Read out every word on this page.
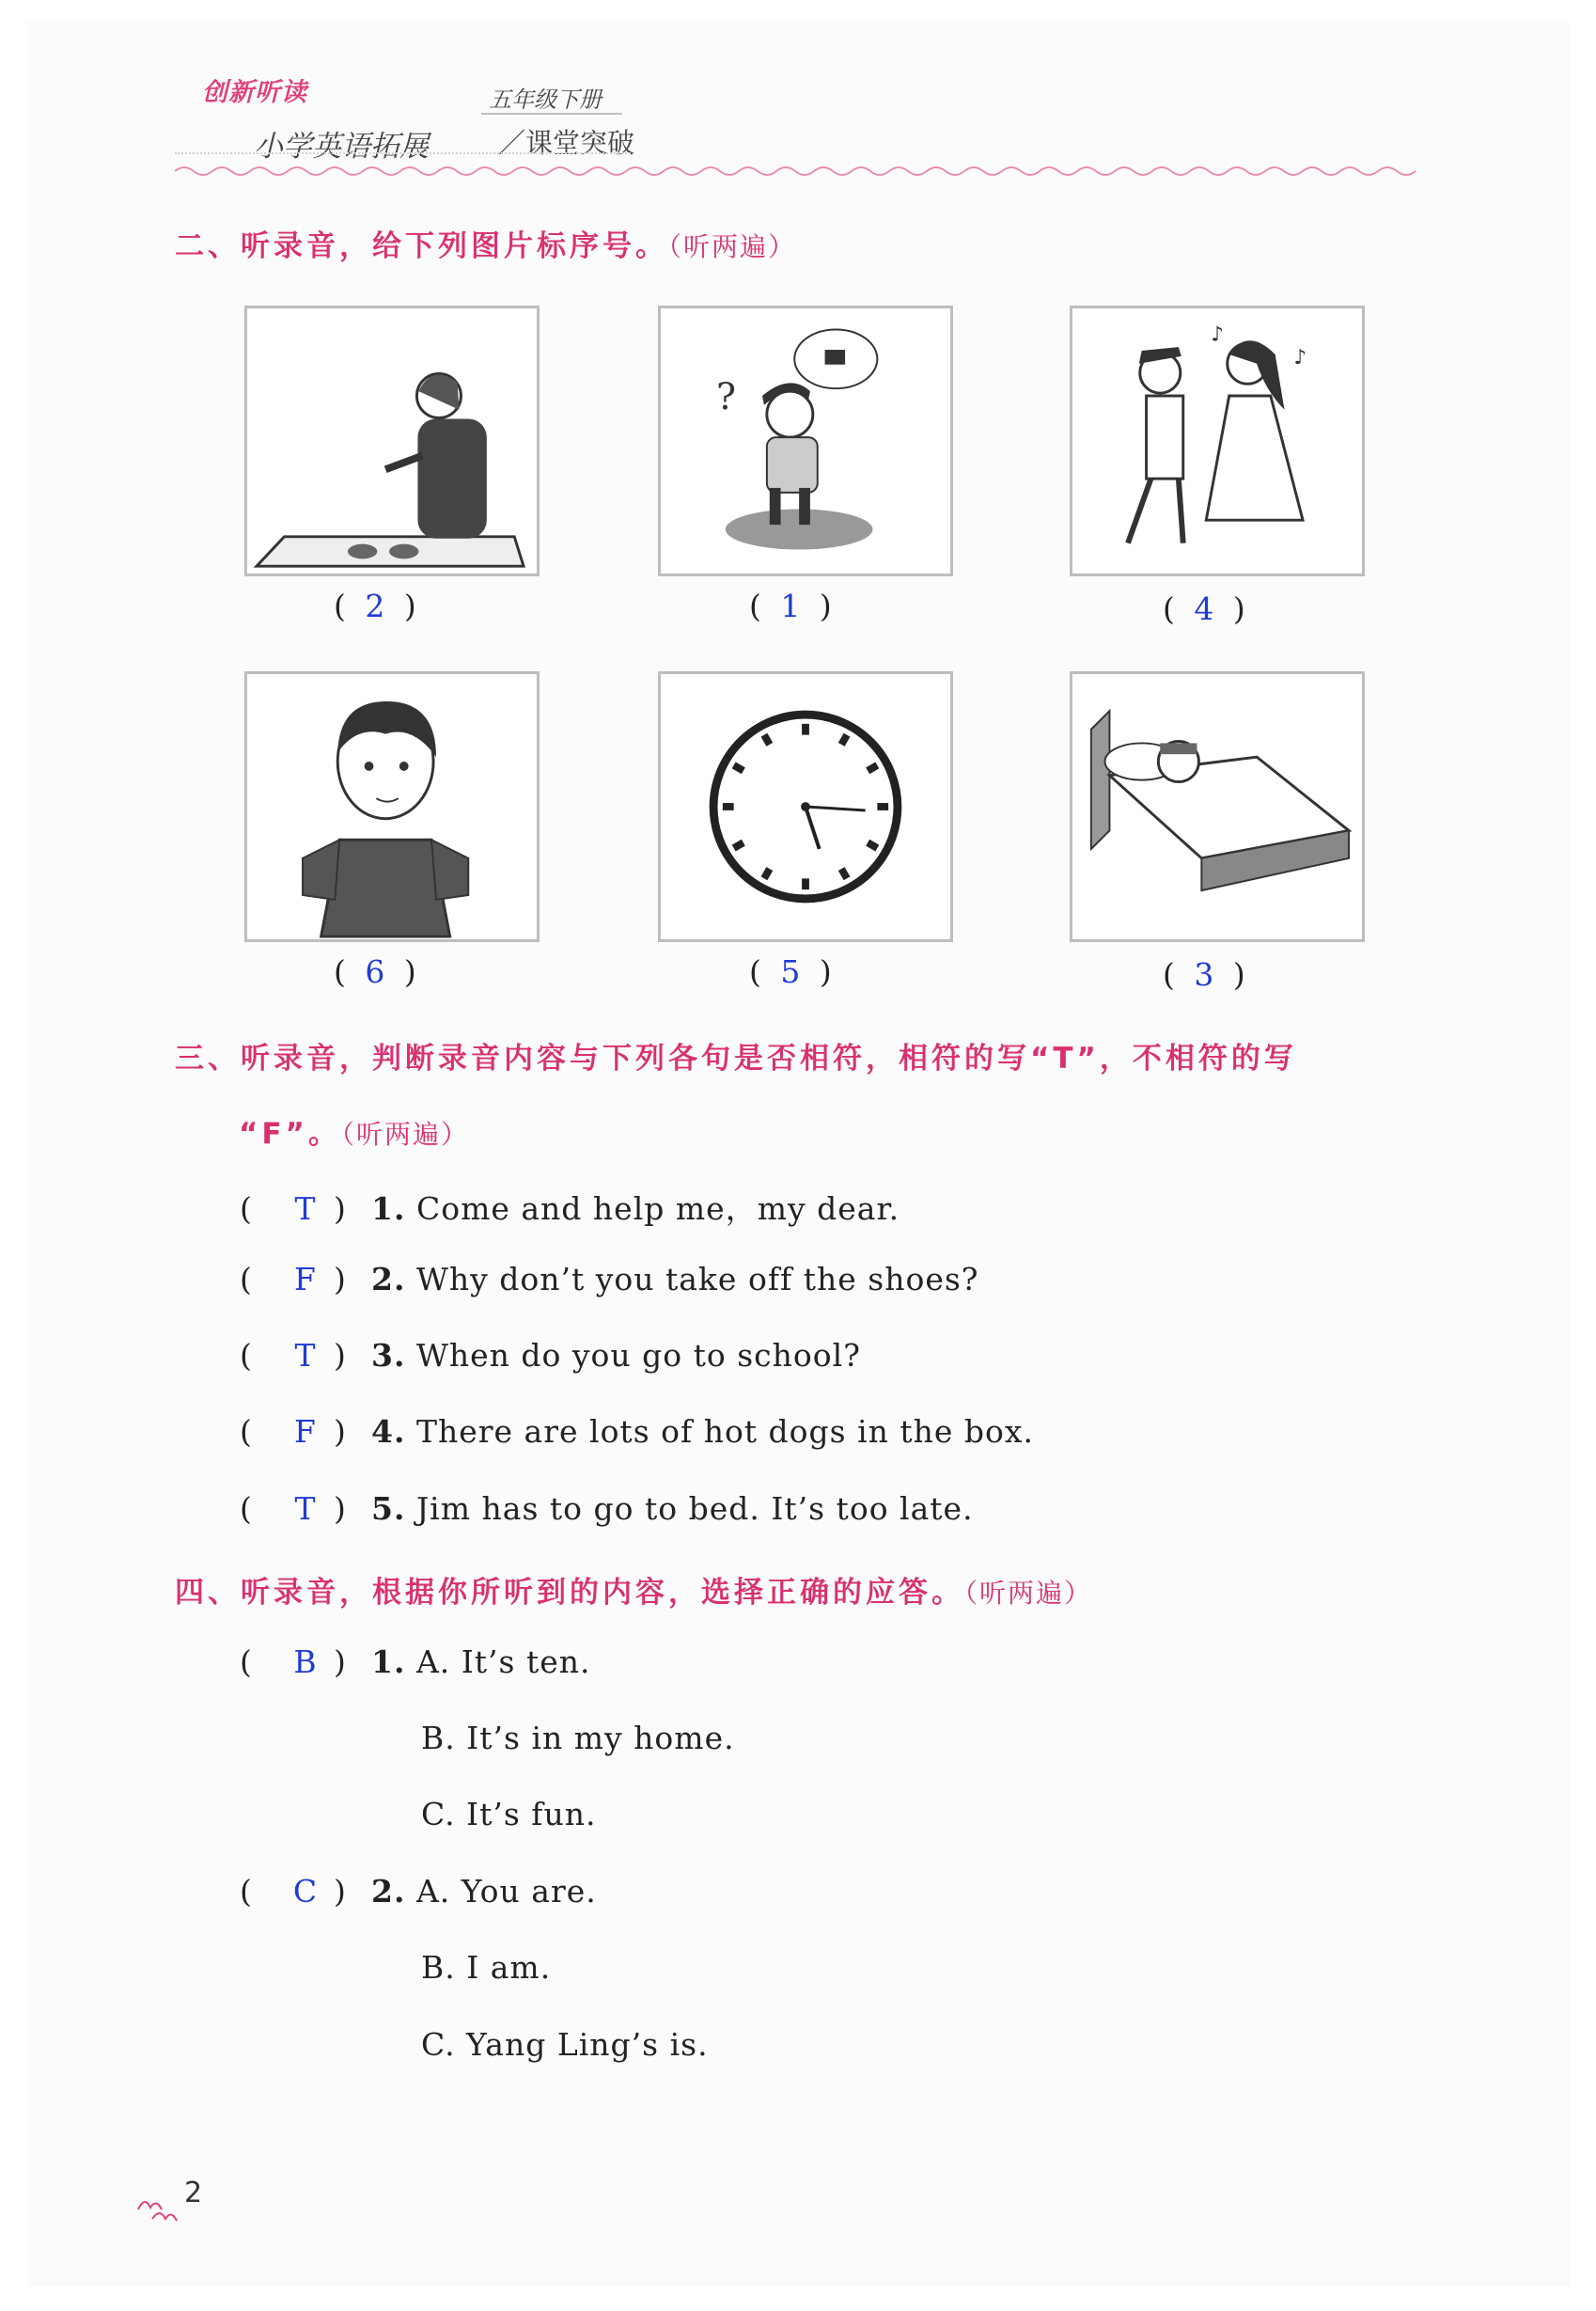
创新听读	五年级下册
小学英语拓展	／课堂突破
二、听录音，给下列图片标序号。（听两遍）
?
♪
♪
( 2 )	( 1 )	( 4 )
( 6 )	( 5 )	( 3 )
三、听录音，判断录音内容与下列各句是否相符，相符的写“T”，不相符的写
“F”。（听两遍）
( T ) 1. Come and help me，my dear.
( F ) 2. Why don’t you take off the shoes?
( T ) 3. When do you go to school?
( F ) 4. There are lots of hot dogs in the box.
( T ) 5. Jim has to go to bed. It’s too late.
四、听录音，根据你所听到的内容，选择正确的应答。（听两遍）
( B ) 1. A. It’s ten.
B. It’s in my home.
C. It’s fun.
( C ) 2. A. You are.
B. I am.
C. Yang Ling’s is.
2
